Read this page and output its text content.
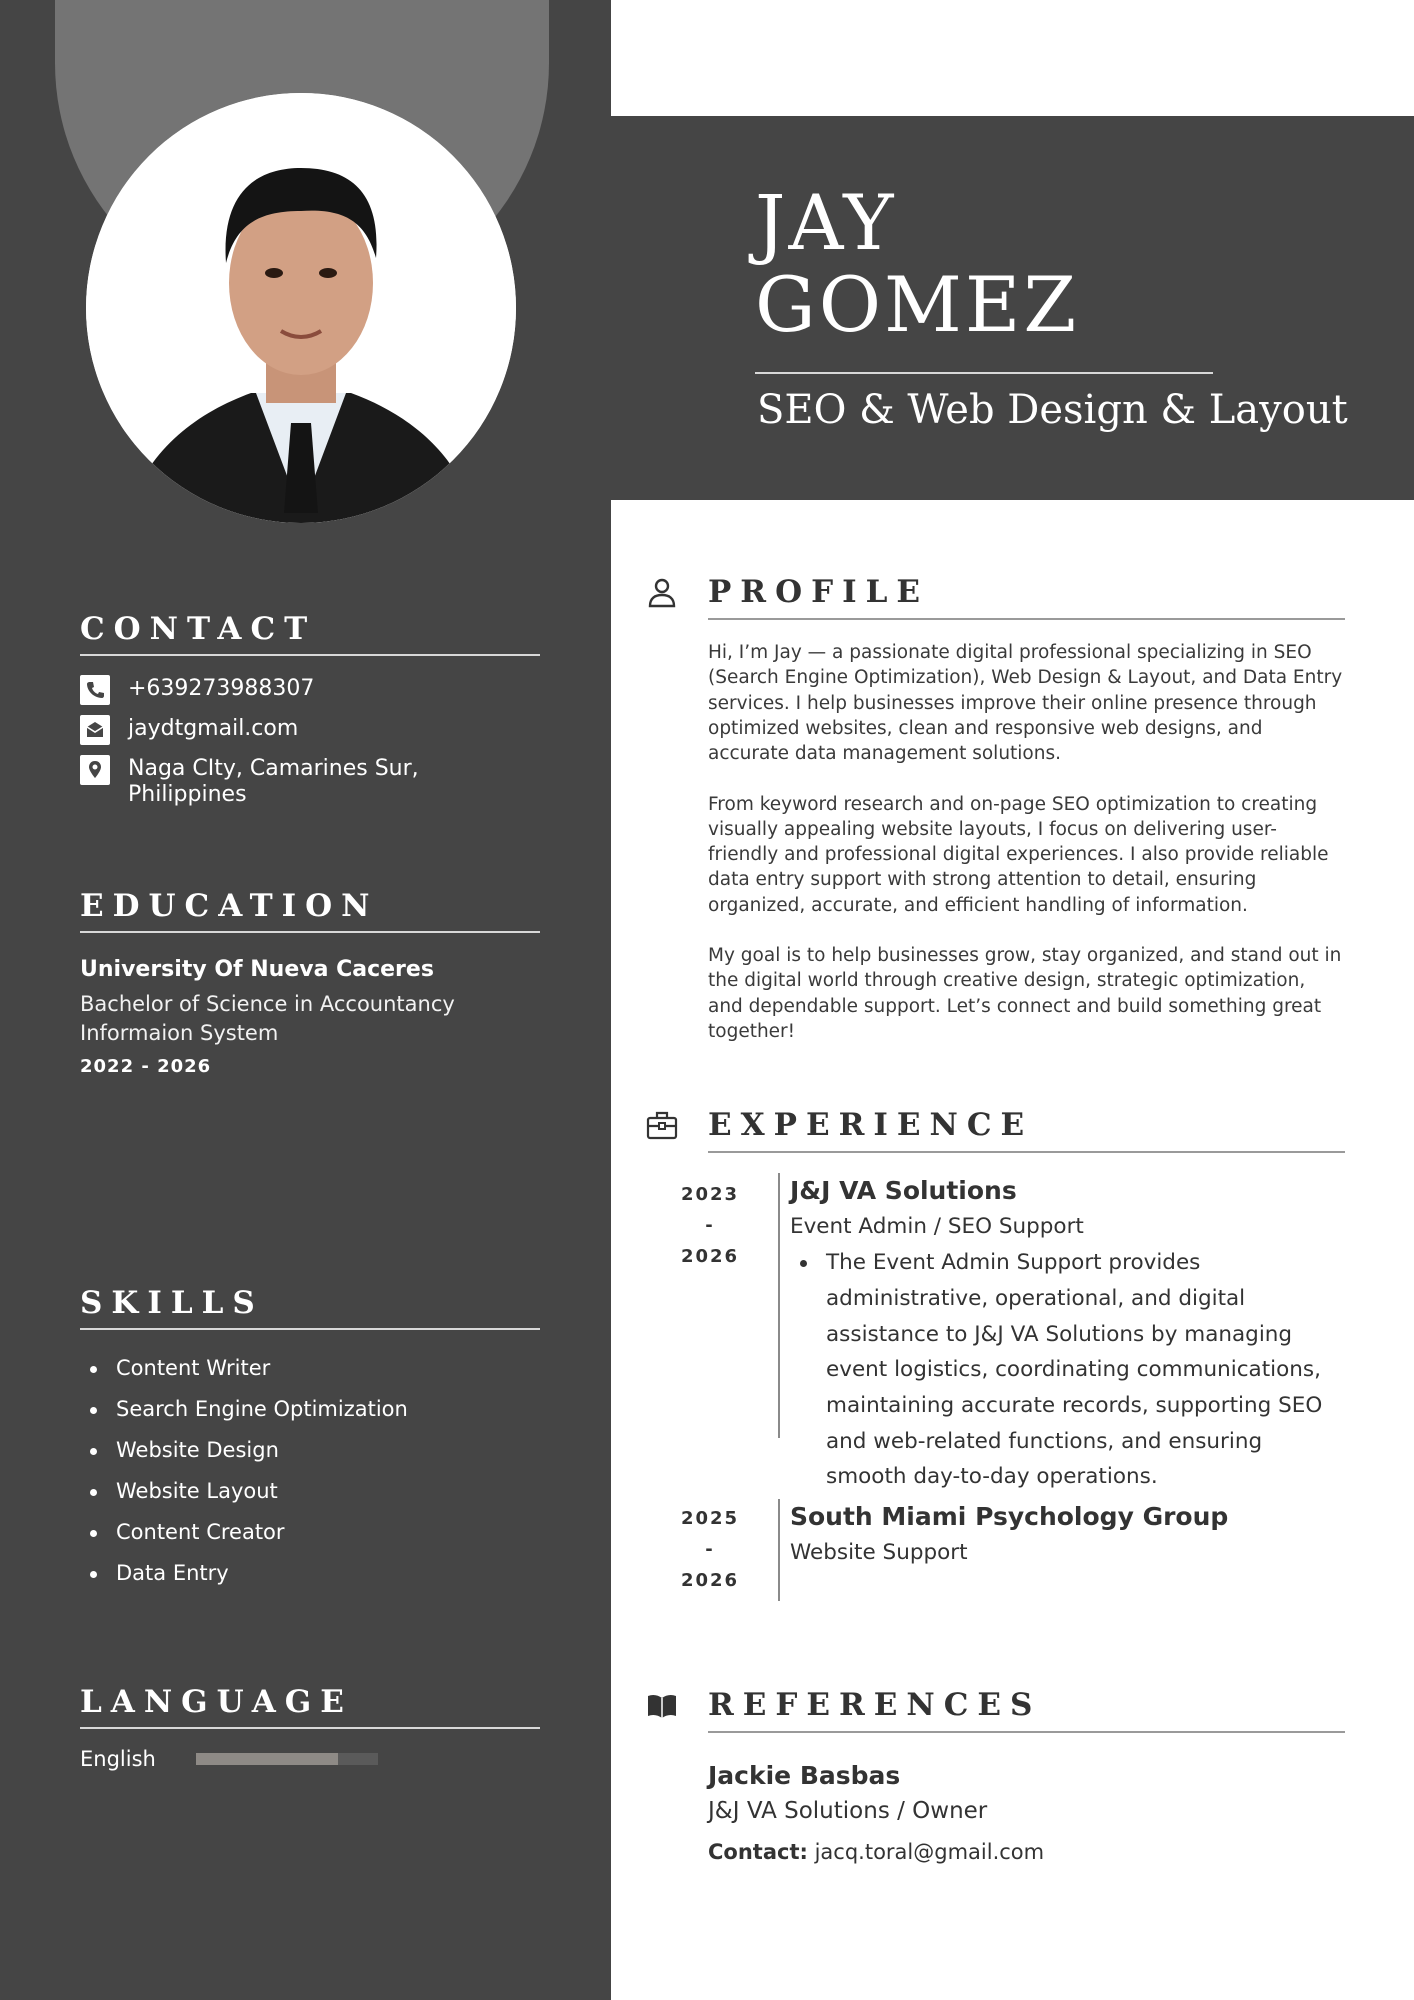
CONTACT
+639273988307
jaydtgmail.com
Naga CIty, Camarines Sur,
Philippines
EDUCATION
University Of Nueva Caceres
Bachelor of Science in Accountancy
Informaion System
2022 - 2026
SKILLS
Content Writer
Search Engine Optimization
Website Design
Website Layout
Content Creator
Data Entry
LANGUAGE
English
JAY
GOMEZ
SEO & Web Design & Layout
PROFILE

Hi, I’m Jay — a passionate digital professional specializing in SEO (Search Engine Optimization), Web Design & Layout, and Data Entry services. I help businesses improve their online presence through optimized websites, clean and responsive web designs, and accurate data management solutions.

From keyword research and on-page SEO optimization to creating visually appealing website layouts, I focus on delivering user-friendly and professional digital experiences. I also provide reliable data entry support with strong attention to detail, ensuring organized, accurate, and efficient handling of information.

My goal is to help businesses grow, stay organized, and stand out in the digital world through creative design, strategic optimization, and dependable support. Let’s connect and build something great together!

EXPERIENCE
2023
-
2026
J&J VA Solutions
Event Admin / SEO Support
The Event Admin Support provides administrative, operational, and digital assistance to J&J VA Solutions by managing event logistics, coordinating communications, maintaining accurate records, supporting SEO and web-related functions, and ensuring smooth day-to-day operations.
2025
-
2026
South Miami Psychology Group
Website Support
REFERENCES
Jackie Basbas
J&J VA Solutions / Owner
Contact: jacq.toral@gmail.com
